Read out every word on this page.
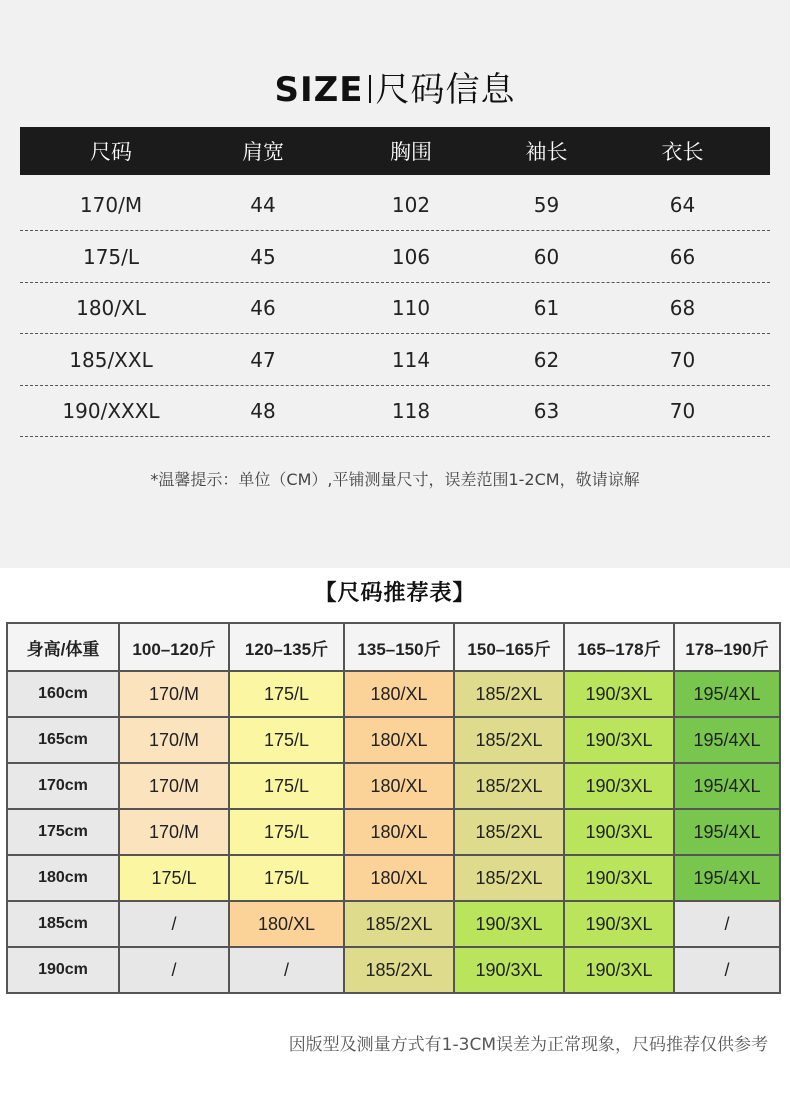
SIZE 尺码信息
尺码	肩宽	胸围	袖长	衣长
170/M	44	102	59	64
175/L	45	106	60	66
180/XL	46	110	61	68
185/XXL	47	114	62	70
190/XXXL	48	118	63	70
*温馨提示：单位（CM）,平铺测量尺寸，误差范围1-2CM，敬请谅解
【尺码推荐表】
身高/体重	100–120斤	120–135斤	135–150斤	150–165斤	165–178斤	178–190斤
160cm	170/M	175/L	180/XL	185/2XL	190/3XL	195/4XL
165cm	170/M	175/L	180/XL	185/2XL	190/3XL	195/4XL
170cm	170/M	175/L	180/XL	185/2XL	190/3XL	195/4XL
175cm	170/M	175/L	180/XL	185/2XL	190/3XL	195/4XL
180cm	175/L	175/L	180/XL	185/2XL	190/3XL	195/4XL
185cm	/	180/XL	185/2XL	190/3XL	190/3XL	/
190cm	/	/	185/2XL	190/3XL	190/3XL	/
因版型及测量方式有1-3CM误差为正常现象，尺码推荐仅供参考
